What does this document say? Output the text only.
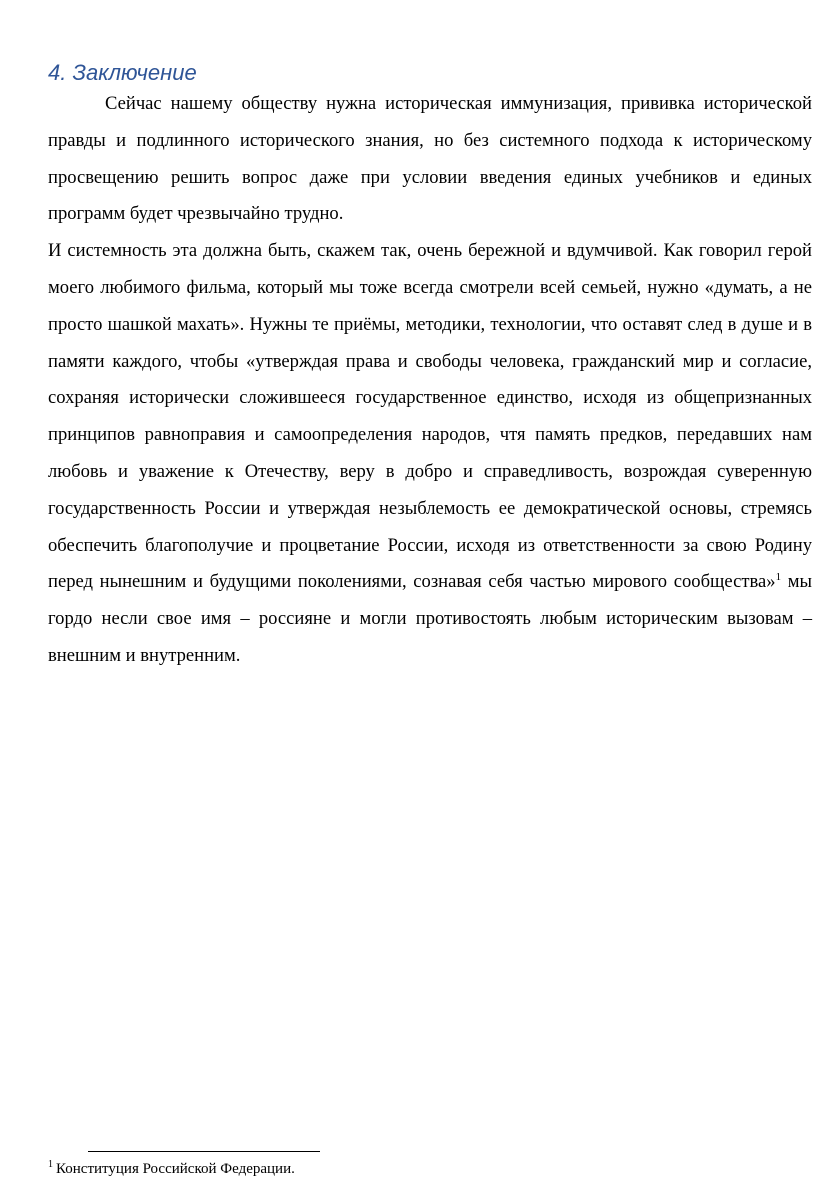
4. Заключение

Сейчас нашему обществу нужна историческая иммунизация, прививка исторической правды и подлинного исторического знания, но без системного подхода к историческому просвещению решить вопрос даже при условии введения единых учебников и единых программ будет чрезвычайно трудно.

И системность эта должна быть, скажем так, очень бережной и вдумчивой. Как говорил герой моего любимого фильма, который мы тоже всегда смотрели всей семьей, нужно «думать, а не просто шашкой махать». Нужны те приёмы, методики, технологии, что оставят след в душе и в памяти каждого, чтобы «утверждая права и свободы человека, гражданский мир и согласие, сохраняя исторически сложившееся государственное единство, исходя из общепризнанных принципов равноправия и самоопределения народов, чтя память предков, передавших нам любовь и уважение к Отечеству, веру в добро и справедливость, возрождая суверенную государственность России и утверждая незыблемость ее демократической основы, стремясь обеспечить благополучие и процветание России, исходя из ответственности за свою Родину перед нынешним и будущими поколениями, сознавая себя частью мирового сообщества»$^1$ мы гордо несли свое имя – россияне и могли противостоять любым историческим вызовам – внешним и внутренним.

$^1$ Конституция Российской Федерации.
